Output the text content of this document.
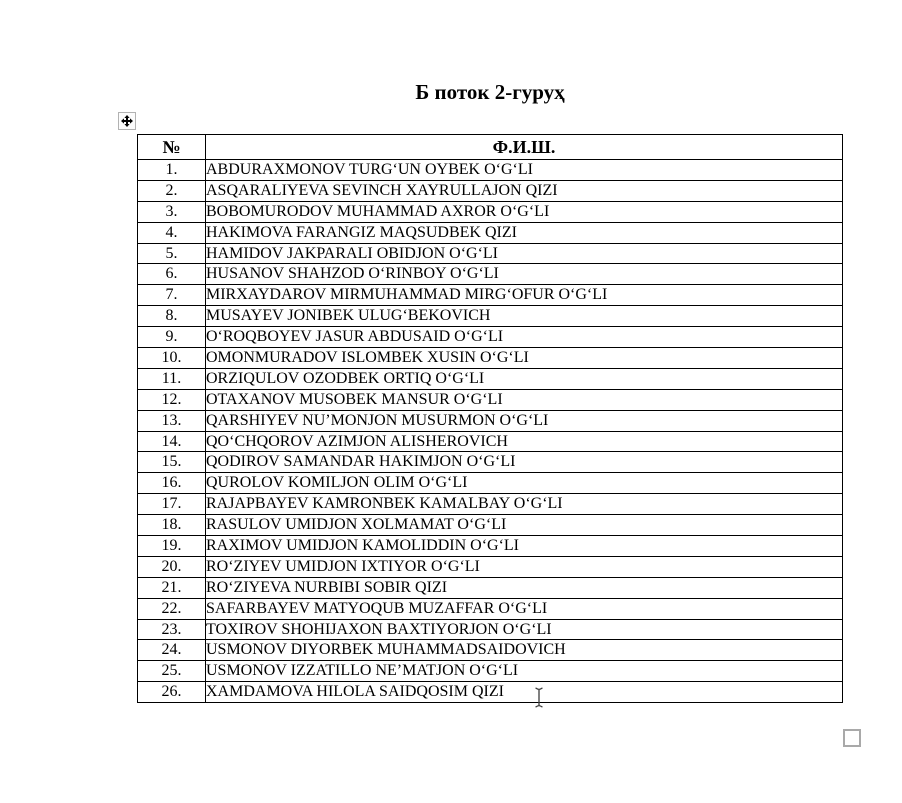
Б поток 2-гуруҳ
№	Ф.И.Ш.
1.	ABDURAXMONOV TURG‘UN OYBEK O‘G‘LI
2.	ASQARALIYEVA SEVINCH XAYRULLAJON QIZI
3.	BOBOMURODOV MUHAMMAD AXROR O‘G‘LI
4.	HAKIMOVA FARANGIZ MAQSUDBEK QIZI
5.	HAMIDOV JAKPARALI OBIDJON O‘G‘LI
6.	HUSANOV SHAHZOD O‘RINBOY O‘G‘LI
7.	MIRXAYDAROV MIRMUHAMMAD MIRG‘OFUR O‘G‘LI
8.	MUSAYEV JONIBEK ULUG‘BEKOVICH
9.	O‘ROQBOYEV JASUR ABDUSAID O‘G‘LI
10.	OMONMURADOV ISLOMBEK XUSIN O‘G‘LI
11.	ORZIQULOV OZODBEK ORTIQ O‘G‘LI
12.	OTAXANOV MUSOBEK MANSUR O‘G‘LI
13.	QARSHIYEV NU’MONJON MUSURMON O‘G‘LI
14.	QO‘CHQOROV AZIMJON ALISHEROVICH
15.	QODIROV SAMANDAR HAKIMJON O‘G‘LI
16.	QUROLOV KOMILJON OLIM O‘G‘LI
17.	RAJAPBAYEV KAMRONBEK KAMALBAY O‘G‘LI
18.	RASULOV UMIDJON XOLMAMAT O‘G‘LI
19.	RAXIMOV UMIDJON KAMOLIDDIN O‘G‘LI
20.	RO‘ZIYEV UMIDJON IXTIYOR O‘G‘LI
21.	RO‘ZIYEVA NURBIBI SOBIR QIZI
22.	SAFARBAYEV MATYOQUB MUZAFFAR O‘G‘LI
23.	TOXIROV SHOHIJAXON BAXTIYORJON O‘G‘LI
24.	USMONOV DIYORBEK MUHAMMADSAIDOVICH
25.	USMONOV IZZATILLO NE’MATJON O‘G‘LI
26.	XAMDAMOVA HILOLA SAIDQOSIM QIZI
